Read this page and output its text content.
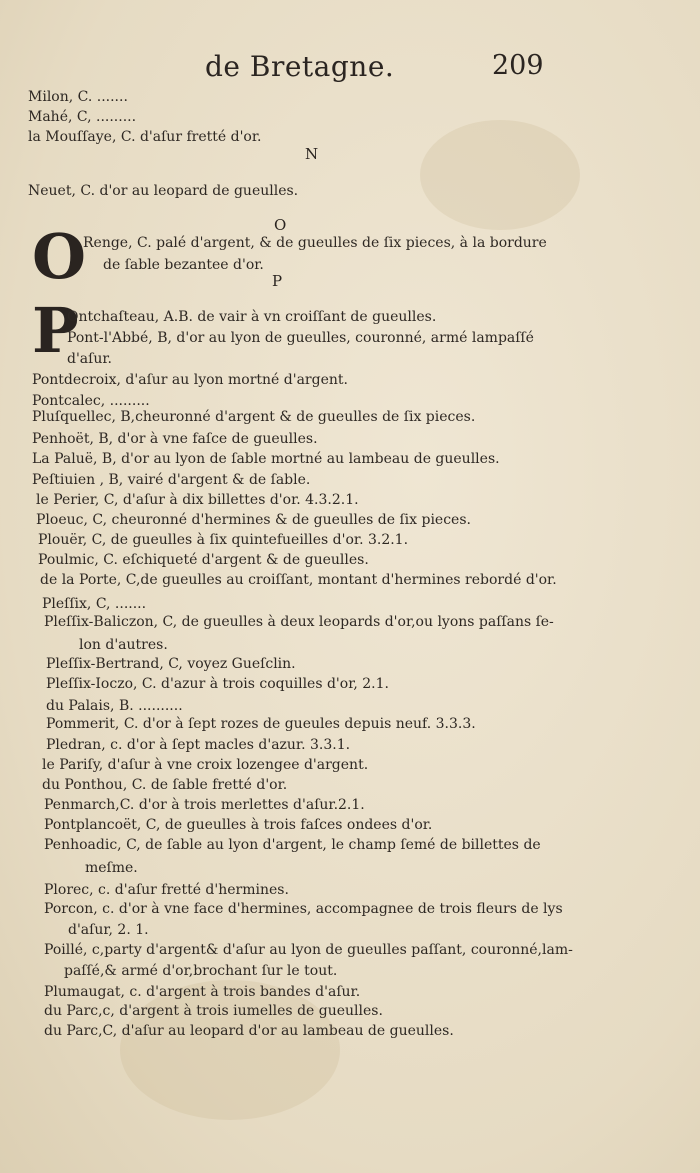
de Bretagne.	209
Milon, C. .......
Mahé, C, .........
la Mouſſaye, C. d'aſur fretté d'or.
N
Neuet, C. d'or au leopard de gueulles.
O
O
Renge, C. palé d'argent, & de gueulles de ſix pieces, à la bordure
de ſable bezantee d'or.
P
P
Ontchaſteau, A.B. de vair à vn croiſſant de gueulles.
Pont-l'Abbé, B, d'or au lyon de gueulles, couronné, armé lampaſſé
d'aſur.
Pontdecroix, d'aſur au lyon mortné d'argent.
Pontcalec, .........
Pluſquellec, B,cheuronné d'argent & de gueulles de ſix pieces.
Penhoët, B, d'or à vne faſce de gueulles.
La Paluë, B, d'or au lyon de ſable mortné au lambeau de gueulles.
Peſtiuien , B, vairé d'argent & de ſable.
le Perier, C, d'aſur à dix billettes d'or. 4.3.2.1.
Ploeuc, C, cheuronné d'hermines & de gueulles de ſix pieces.
Plouër, C, de gueulles à ſix quintefueilles d'or. 3.2.1.
Poulmic, C. eſchiqueté d'argent & de gueulles.
de la Porte, C,de gueulles au croiſſant, montant d'hermines rebordé d'or.
Pleſſix, C, .......
Pleſſix-Baliczon, C, de gueulles à deux leopards d'or,ou lyons paſſans ſe-
lon d'autres.
Pleſſix-Bertrand, C, voyez Gueſclin.
Pleſſix-Ioczo, C. d'azur à trois coquilles d'or, 2.1.
du Palais, B. ..........
Pommerit, C. d'or à ſept rozes de gueules depuis neuf. 3.3.3.
Pledran, c. d'or à ſept macles d'azur. 3.3.1.
le Pariſy, d'aſur à vne croix lozengee d'argent.
du Ponthou, C. de ſable fretté d'or.
Penmarch,C. d'or à trois merlettes d'aſur.2.1.
Pontplancoët, C, de gueulles à trois faſces ondees d'or.
Penhoadic, C, de ſable au lyon d'argent, le champ ſemé de billettes de
meſme.
Plorec, c. d'aſur fretté d'hermines.
Porcon, c. d'or à vne face d'hermines, accompagnee de trois fleurs de lys
d'aſur, 2. 1.
Poillé, c,party d'argent& d'aſur au lyon de gueulles paſſant, couronné,lam-
paſſé,& armé d'or,brochant ſur le tout.
Plumaugat, c. d'argent à trois bandes d'aſur.
du Parc,c, d'argent à trois iumelles de gueulles.
du Parc,C, d'aſur au leopard d'or au lambeau de gueulles.
